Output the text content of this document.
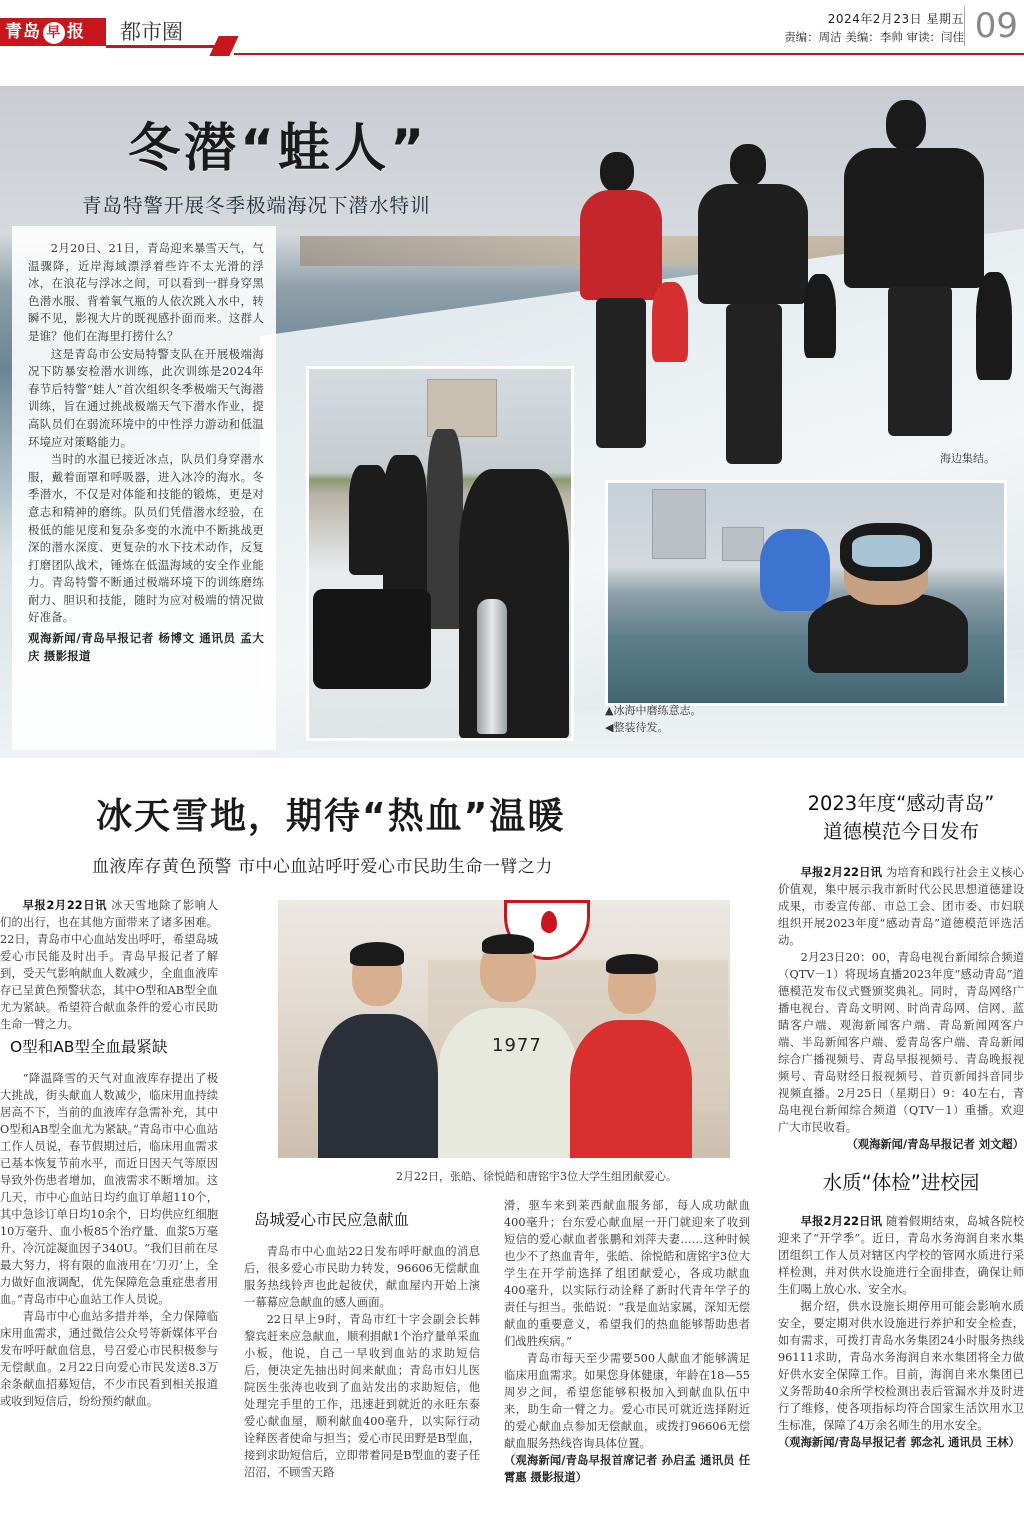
青岛 早 报	都市圈
2024年2月23日 星期五
责编：周洁 美编：李帅 审读：闫佳 09
冬潜“蛙人”
青岛特警开展冬季极端海况下潜水特训

2月20日、21日，青岛迎来暴雪天气，气温骤降，近岸海域漂浮着些许不太光滑的浮冰，在浪花与浮冰之间，可以看到一群身穿黑色潜水服、背着氧气瓶的人依次跳入水中，转瞬不见，影视大片的既视感扑面而来。这群人是谁？他们在海里打捞什么？

这是青岛市公安局特警支队在开展极端海况下防暴安检潜水训练，此次训练是2024年春节后特警“蛙人”首次组织冬季极端天气海潜训练，旨在通过挑战极端天气下潜水作业，提高队员们在弱流环境中的中性浮力游动和低温环境应对策略能力。

当时的水温已接近冰点，队员们身穿潜水服，戴着面罩和呼吸器，进入冰冷的海水。冬季潜水，不仅是对体能和技能的锻炼，更是对意志和精神的磨练。队员们凭借潜水经验，在极低的能见度和复杂多变的水流中不断挑战更深的潜水深度、更复杂的水下技术动作，反复打磨团队战术，锤炼在低温海域的安全作业能力。青岛特警不断通过极端环境下的训练磨练耐力、胆识和技能，随时为应对极端的情况做好准备。

观海新闻/青岛早报记者 杨博文 通讯员 孟大庆 摄影报道

海边集结。
▲冰海中磨练意志。
◀整装待发。
冰天雪地，期待“热血”温暖
血液库存黄色预警 市中心血站呼吁爱心市民助生命一臂之力

早报2月22日讯 冰天雪地除了影响人们的出行，也在其他方面带来了诸多困难。22日，青岛市中心血站发出呼吁，希望岛城爱心市民能及时出手。青岛早报记者了解到，受天气影响献血人数减少，全血血液库存已呈黄色预警状态，其中O型和AB型全血尤为紧缺。希望符合献血条件的爱心市民助生命一臂之力。

O型和AB型全血最紧缺

“降温降雪的天气对血液库存提出了极大挑战，街头献血人数减少，临床用血持续居高不下，当前的血液库存急需补充，其中O型和AB型全血尤为紧缺。”青岛市中心血站工作人员说，春节假期过后，临床用血需求已基本恢复节前水平，而近日因天气等原因导致外伤患者增加，血液需求不断增加。这几天，市中心血站日均约血订单超110个，其中急诊订单日均10余个，日均供应红细胞10万毫升、血小板85个治疗量、血浆5万毫升、冷沉淀凝血因子340U。“我们目前在尽最大努力，将有限的血液用在‘刀刃’上，全力做好血液调配，优先保障危急重症患者用血。”青岛市中心血站工作人员说。

青岛市中心血站多措并举，全力保障临床用血需求，通过微信公众号等新媒体平台发布呼吁献血信息，号召爱心市民积极参与无偿献血。2月22日向爱心市民发送8.3万余条献血招募短信，不少市民看到相关报道或收到短信后，纷纷预约献血。

1977
2月22日，张皓、徐悦皓和唐铭宇3位大学生组团献爱心。
岛城爱心市民应急献血

青岛市中心血站22日发布呼吁献血的消息后，很多爱心市民助力转发，96606无偿献血服务热线铃声也此起彼伏，献血屋内开始上演一幕幕应急献血的感人画面。

22日早上9时，青岛市红十字会副会长韩黎宾赶来应急献血，顺利捐献1个治疗量单采血小板，他说，自己一早收到血站的求助短信后，便决定先抽出时间来献血；青岛市妇儿医院医生张涛也收到了血站发出的求助短信，他处理完手里的工作，迅速赶到就近的永旺东泰爱心献血屋，顺利献血400毫升，以实际行动诠释医者使命与担当；爱心市民田野是B型血，接到求助短信后，立即带着同是B型血的妻子任沼沼，不顾雪天路

滑，驱车来到莱西献血服务部，每人成功献血400毫升；台东爱心献血屋一开门就迎来了收到短信的爱心献血者张鹏和刘萍夫妻……这种时候也少不了热血青年，张皓、徐悦皓和唐铭宇3位大学生在开学前选择了组团献爱心，各成功献血400毫升，以实际行动诠释了新时代青年学子的责任与担当。张皓说：“我是血站家属，深知无偿献血的重要意义，希望我们的热血能够帮助患者们战胜疾病。”

青岛市每天至少需要500人献血才能够满足临床用血需求。如果您身体健康，年龄在18—55周岁之间，希望您能够积极加入到献血队伍中来，助生命一臂之力。爱心市民可就近选择附近的爱心献血点参加无偿献血，或拨打96606无偿献血服务热线咨询具体位置。

（观海新闻/青岛早报首席记者 孙启孟 通讯员 任霄惠 摄影报道）

2023年度“感动青岛”
道德模范今日发布

早报2月22日讯 为培育和践行社会主义核心价值观，集中展示我市新时代公民思想道德建设成果，市委宣传部、市总工会、团市委、市妇联组织开展2023年度“感动青岛”道德模范评选活动。

2月23日20：00，青岛电视台新闻综合频道（QTV－1）将现场直播2023年度“感动青岛”道德模范发布仪式暨颁奖典礼。同时，青岛网络广播电视台、青岛文明网、时尚青岛网、信网、蓝睛客户端、观海新闻客户端、青岛新闻网客户端、半岛新闻客户端、爱青岛客户端、青岛新闻综合广播视频号、青岛早报视频号、青岛晚报视频号、青岛财经日报视频号、首页新闻抖音同步视频直播。2月25日（星期日）9：40左右，青岛电视台新闻综合频道（QTV－1）重播。欢迎广大市民收看。

（观海新闻/青岛早报记者 刘文超）

水质“体检”进校园

早报2月22日讯 随着假期结束，岛城各院校迎来了“开学季”。近日，青岛水务海润自来水集团组织工作人员对辖区内学校的管网水质进行采样检测，并对供水设施进行全面排查，确保让师生们喝上放心水、安全水。

据介绍，供水设施长期停用可能会影响水质安全，要定期对供水设施进行养护和安全检查，如有需求，可拨打青岛水务集团24小时服务热线96111求助，青岛水务海润自来水集团将全力做好供水安全保障工作。目前，海润自来水集团已义务帮助40余所学校检测出表后管漏水并及时进行了维修，使各项指标均符合国家生活饮用水卫生标准，保障了4万余名师生的用水安全。

（观海新闻/青岛早报记者 郭念礼 通讯员 王林）
